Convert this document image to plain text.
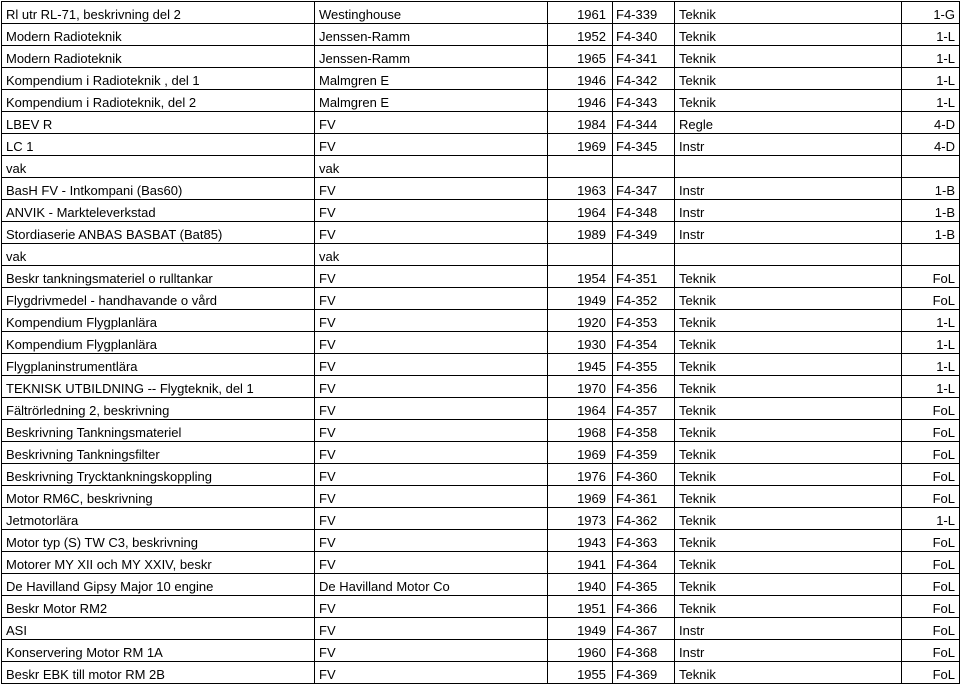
Rl utr RL-71, beskrivning del 2	Westinghouse	1961	F4-339	Teknik	1-G
Modern Radioteknik	Jenssen-Ramm	1952	F4-340	Teknik	1-L
Modern Radioteknik	Jenssen-Ramm	1965	F4-341	Teknik	1-L
Kompendium i Radioteknik , del 1	Malmgren E	1946	F4-342	Teknik	1-L
Kompendium i Radioteknik, del 2	Malmgren E	1946	F4-343	Teknik	1-L
LBEV R	FV	1984	F4-344	Regle	4-D
LC 1	FV	1969	F4-345	Instr	4-D
vak	vak				
BasH FV - Intkompani (Bas60)	FV	1963	F4-347	Instr	1-B
ANVIK - Markteleverkstad	FV	1964	F4-348	Instr	1-B
Stordiaserie ANBAS BASBAT (Bat85)	FV	1989	F4-349	Instr	1-B
vak	vak				
Beskr tankningsmateriel o rulltankar	FV	1954	F4-351	Teknik	FoL
Flygdrivmedel - handhavande o vård	FV	1949	F4-352	Teknik	FoL
Kompendium Flygplanlära	FV	1920	F4-353	Teknik	1-L
Kompendium Flygplanlära	FV	1930	F4-354	Teknik	1-L
Flygplaninstrumentlära	FV	1945	F4-355	Teknik	1-L
TEKNISK UTBILDNING -- Flygteknik, del 1	FV	1970	F4-356	Teknik	1-L
Fältrörledning 2, beskrivning	FV	1964	F4-357	Teknik	FoL
Beskrivning Tankningsmateriel	FV	1968	F4-358	Teknik	FoL
Beskrivning Tankningsfilter	FV	1969	F4-359	Teknik	FoL
Beskrivning Trycktankningskoppling	FV	1976	F4-360	Teknik	FoL
Motor RM6C, beskrivning	FV	1969	F4-361	Teknik	FoL
Jetmotorlära	FV	1973	F4-362	Teknik	1-L
Motor typ (S) TW C3, beskrivning	FV	1943	F4-363	Teknik	FoL
Motorer MY XII och MY XXIV, beskr	FV	1941	F4-364	Teknik	FoL
De Havilland Gipsy Major 10 engine	De Havilland Motor Co	1940	F4-365	Teknik	FoL
Beskr Motor RM2	FV	1951	F4-366	Teknik	FoL
ASI	FV	1949	F4-367	Instr	FoL
Konservering Motor RM 1A	FV	1960	F4-368	Instr	FoL
Beskr EBK till motor RM 2B	FV	1955	F4-369	Teknik	FoL
